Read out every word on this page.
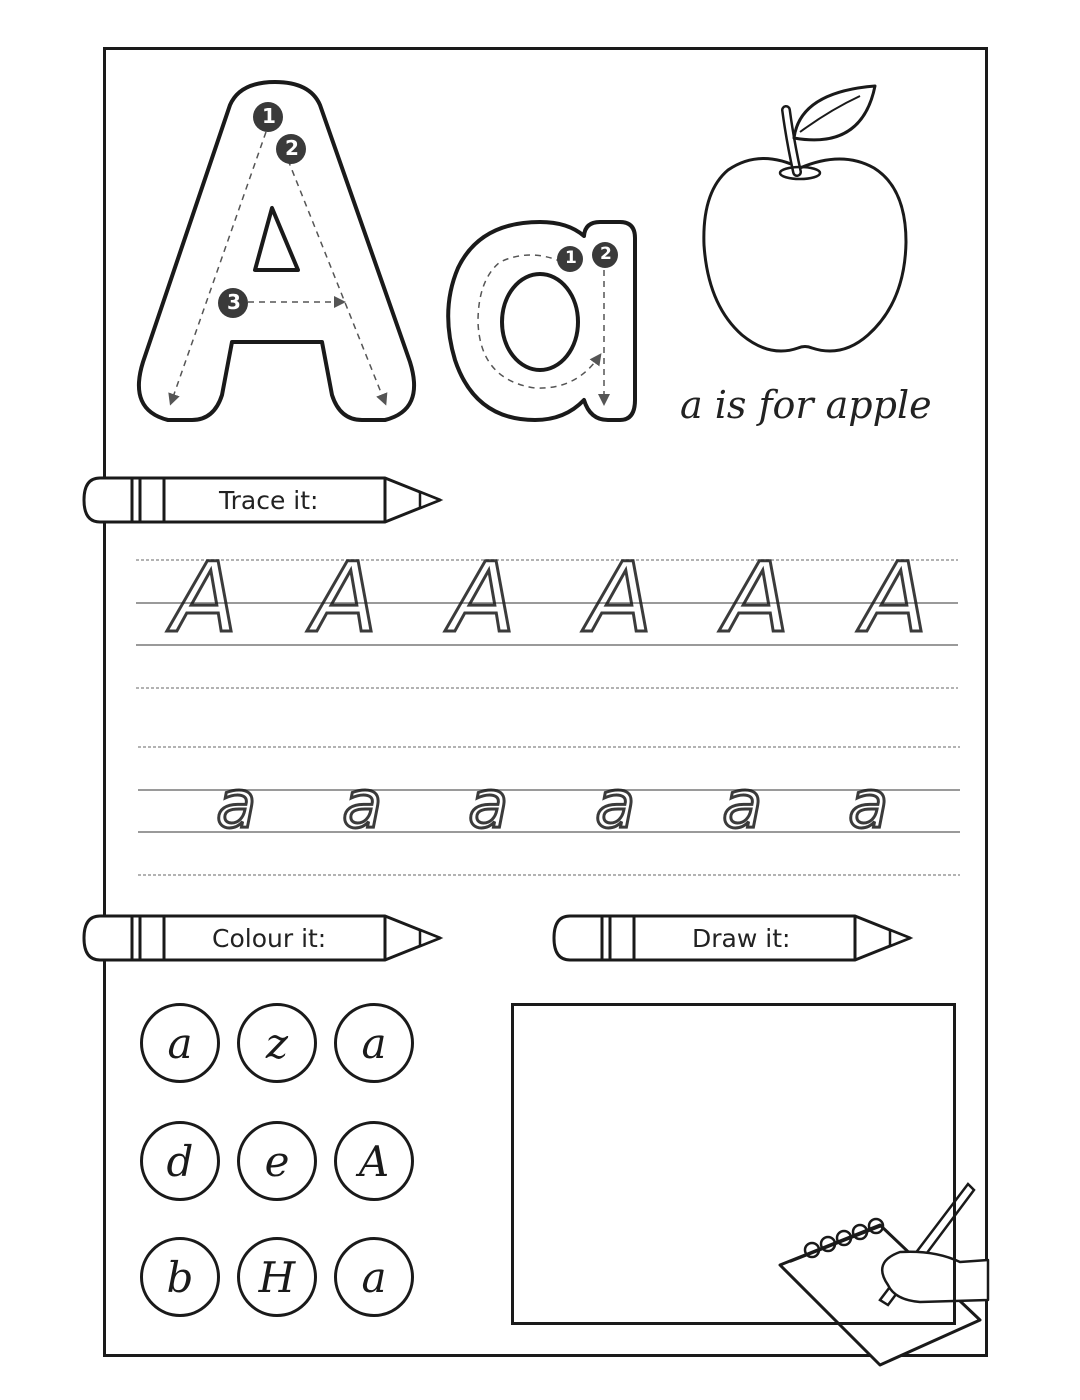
1
2
3
1 2
a is for apple
Trace it:
Colour it:	Draw it:
A A A A A A
a a a a a a
a	z	a
d	e	A
b	H	a
